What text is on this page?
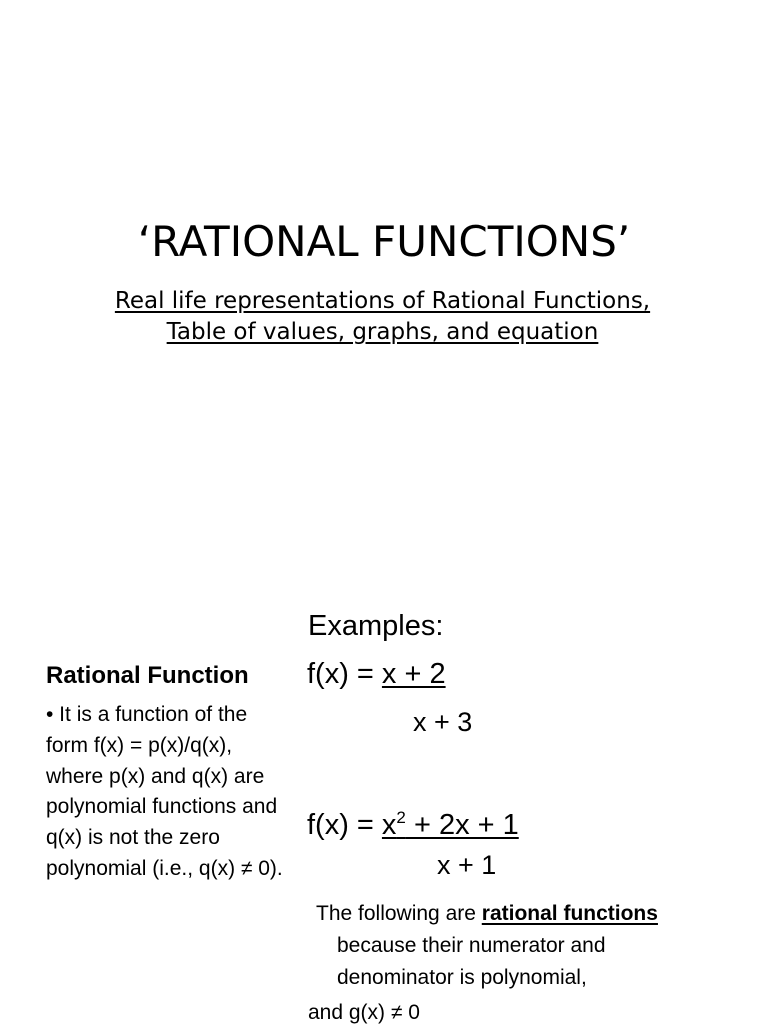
‘RATIONAL FUNCTIONS’
Real life representations of Rational Functions, Table of values, graphs, and equation
Rational Function
• It is a function of the form f(x) = p(x)/q(x), where p(x) and q(x) are polynomial functions and q(x) is not the zero polynomial (i.e., q(x) ≠ 0).
Examples:
f(x) = x + 2
x + 3
$f(x) = x^2 + 2x + 1$
x + 1
The following are rational functions
because their numerator and
denominator is polynomial,
and g(x) ≠ 0
